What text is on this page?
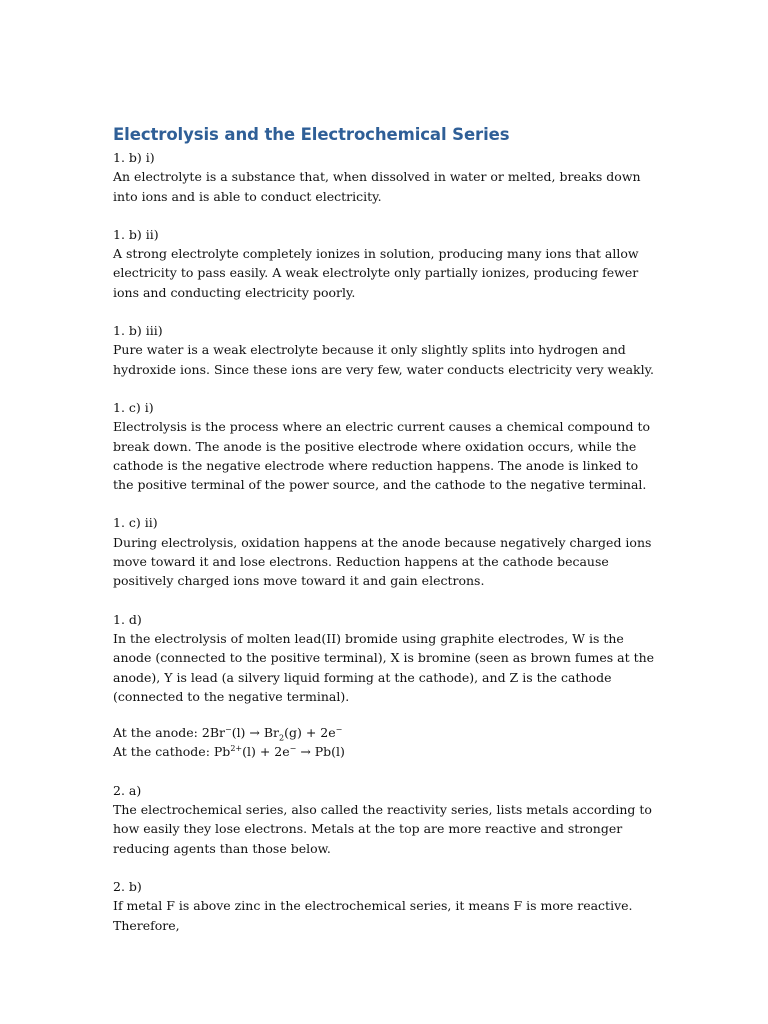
Electrolysis and the Electrochemical Series
1. b) i)
An electrolyte is a substance that, when dissolved in water or melted, breaks down into ions and is able to conduct electricity.
1. b) ii)
A strong electrolyte completely ionizes in solution, producing many ions that allow electricity to pass easily. A weak electrolyte only partially ionizes, producing fewer ions and conducting electricity poorly.
1. b) iii)
Pure water is a weak electrolyte because it only slightly splits into hydrogen and hydroxide ions. Since these ions are very few, water conducts electricity very weakly.
1. c) i)
Electrolysis is the process where an electric current causes a chemical compound to break down. The anode is the positive electrode where oxidation occurs, while the cathode is the negative electrode where reduction happens. The anode is linked to the positive terminal of the power source, and the cathode to the negative terminal.
1. c) ii)
During electrolysis, oxidation happens at the anode because negatively charged ions move toward it and lose electrons. Reduction happens at the cathode because positively charged ions move toward it and gain electrons.
1. d)
In the electrolysis of molten lead(II) bromide using graphite electrodes, W is the anode (connected to the positive terminal), X is bromine (seen as brown fumes at the anode), Y is lead (a silvery liquid forming at the cathode), and Z is the cathode (connected to the negative terminal).
At the anode: $2Br^-(l) \to Br_2(g) + 2e^-$
At the cathode: $Pb^{2+}(l) + 2e^- \to Pb(l)$
2. a)
The electrochemical series, also called the reactivity series, lists metals according to how easily they lose electrons. Metals at the top are more reactive and stronger reducing agents than those below.
2. b)
If metal F is above zinc in the electrochemical series, it means F is more reactive. Therefore,
